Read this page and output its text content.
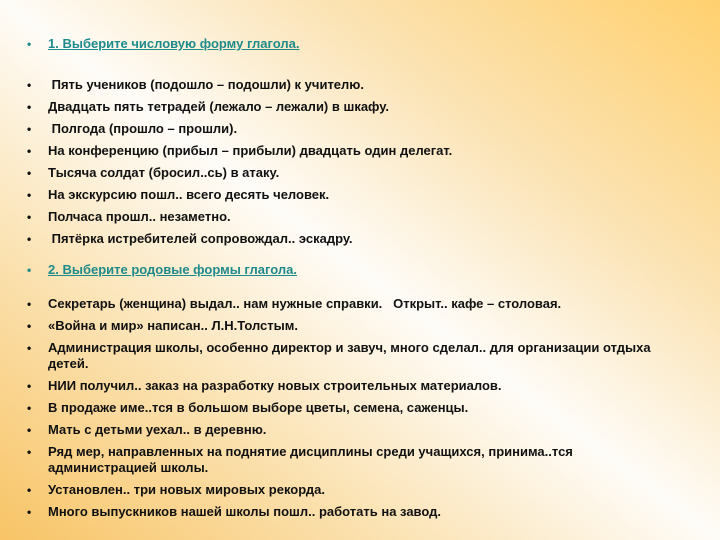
•	1. Выберите числовую форму глагола.
•	Пять учеников (подошло – подошли) к учителю.
•	Двадцать пять тетрадей (лежало – лежали) в шкафу.
•	Полгода (прошло – прошли).
•	На конференцию (прибыл – прибыли) двадцать один делегат.
•	Тысяча солдат (бросил..сь) в атаку.
•	На экскурсию пошл.. всего десять человек.
•	Полчаса прошл.. незаметно.
•	Пятёрка истребителей сопровождал.. эскадру.
•	2. Выберите родовые формы глагола.
•	Секретарь (женщина) выдал.. нам нужные справки.   Открыт.. кафе – столовая.
•	«Война и мир» написан.. Л.Н.Толстым.
•	Администрация школы, особенно директор и завуч, много сделал.. для организации отдыха детей.
•	НИИ получил.. заказ на разработку новых строительных материалов.
•	В продаже име..тся в большом выборе цветы, семена, саженцы.
•	Мать с детьми уехал.. в деревню.
•	Ряд мер, направленных на поднятие дисциплины среди учащихся, принима..тся администрацией школы.
•	Установлен.. три новых мировых рекорда.
•	Много выпускников нашей школы пошл.. работать на завод.
